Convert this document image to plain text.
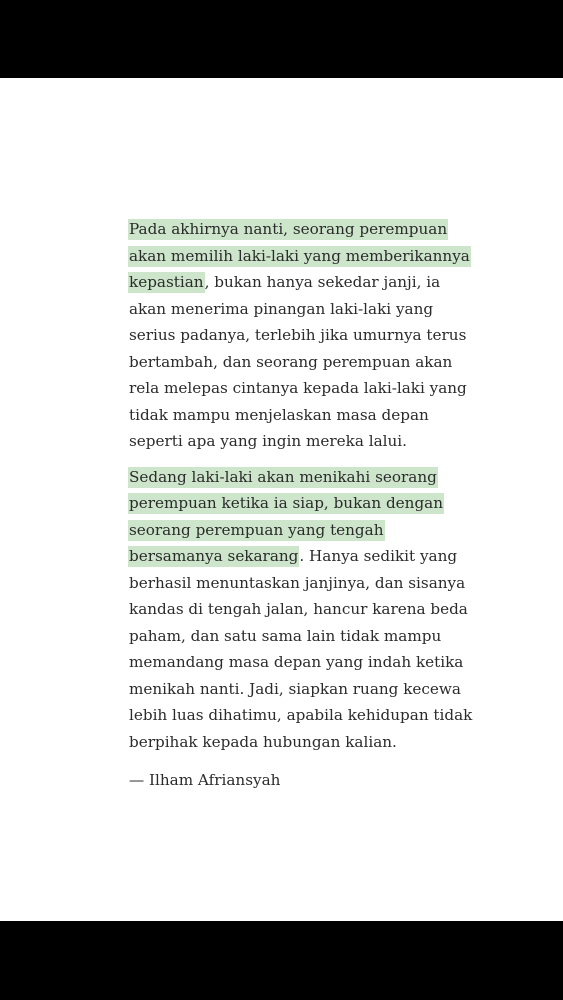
Pada akhirnya nanti, seorang perempuan
akan memilih laki-laki yang memberikannya
kepastian, bukan hanya sekedar janji, ia
akan menerima pinangan laki-laki yang
serius padanya, terlebih jika umurnya terus
bertambah, dan seorang perempuan akan
rela melepas cintanya kepada laki-laki yang
tidak mampu menjelaskan masa depan
seperti apa yang ingin mereka lalui.
Sedang laki-laki akan menikahi seorang
perempuan ketika ia siap, bukan dengan
seorang perempuan yang tengah
bersamanya sekarang. Hanya sedikit yang
berhasil menuntaskan janjinya, dan sisanya
kandas di tengah jalan, hancur karena beda
paham, dan satu sama lain tidak mampu
memandang masa depan yang indah ketika
menikah nanti. Jadi, siapkan ruang kecewa
lebih luas dihatimu, apabila kehidupan tidak
berpihak kepada hubungan kalian.
— Ilham Afriansyah
